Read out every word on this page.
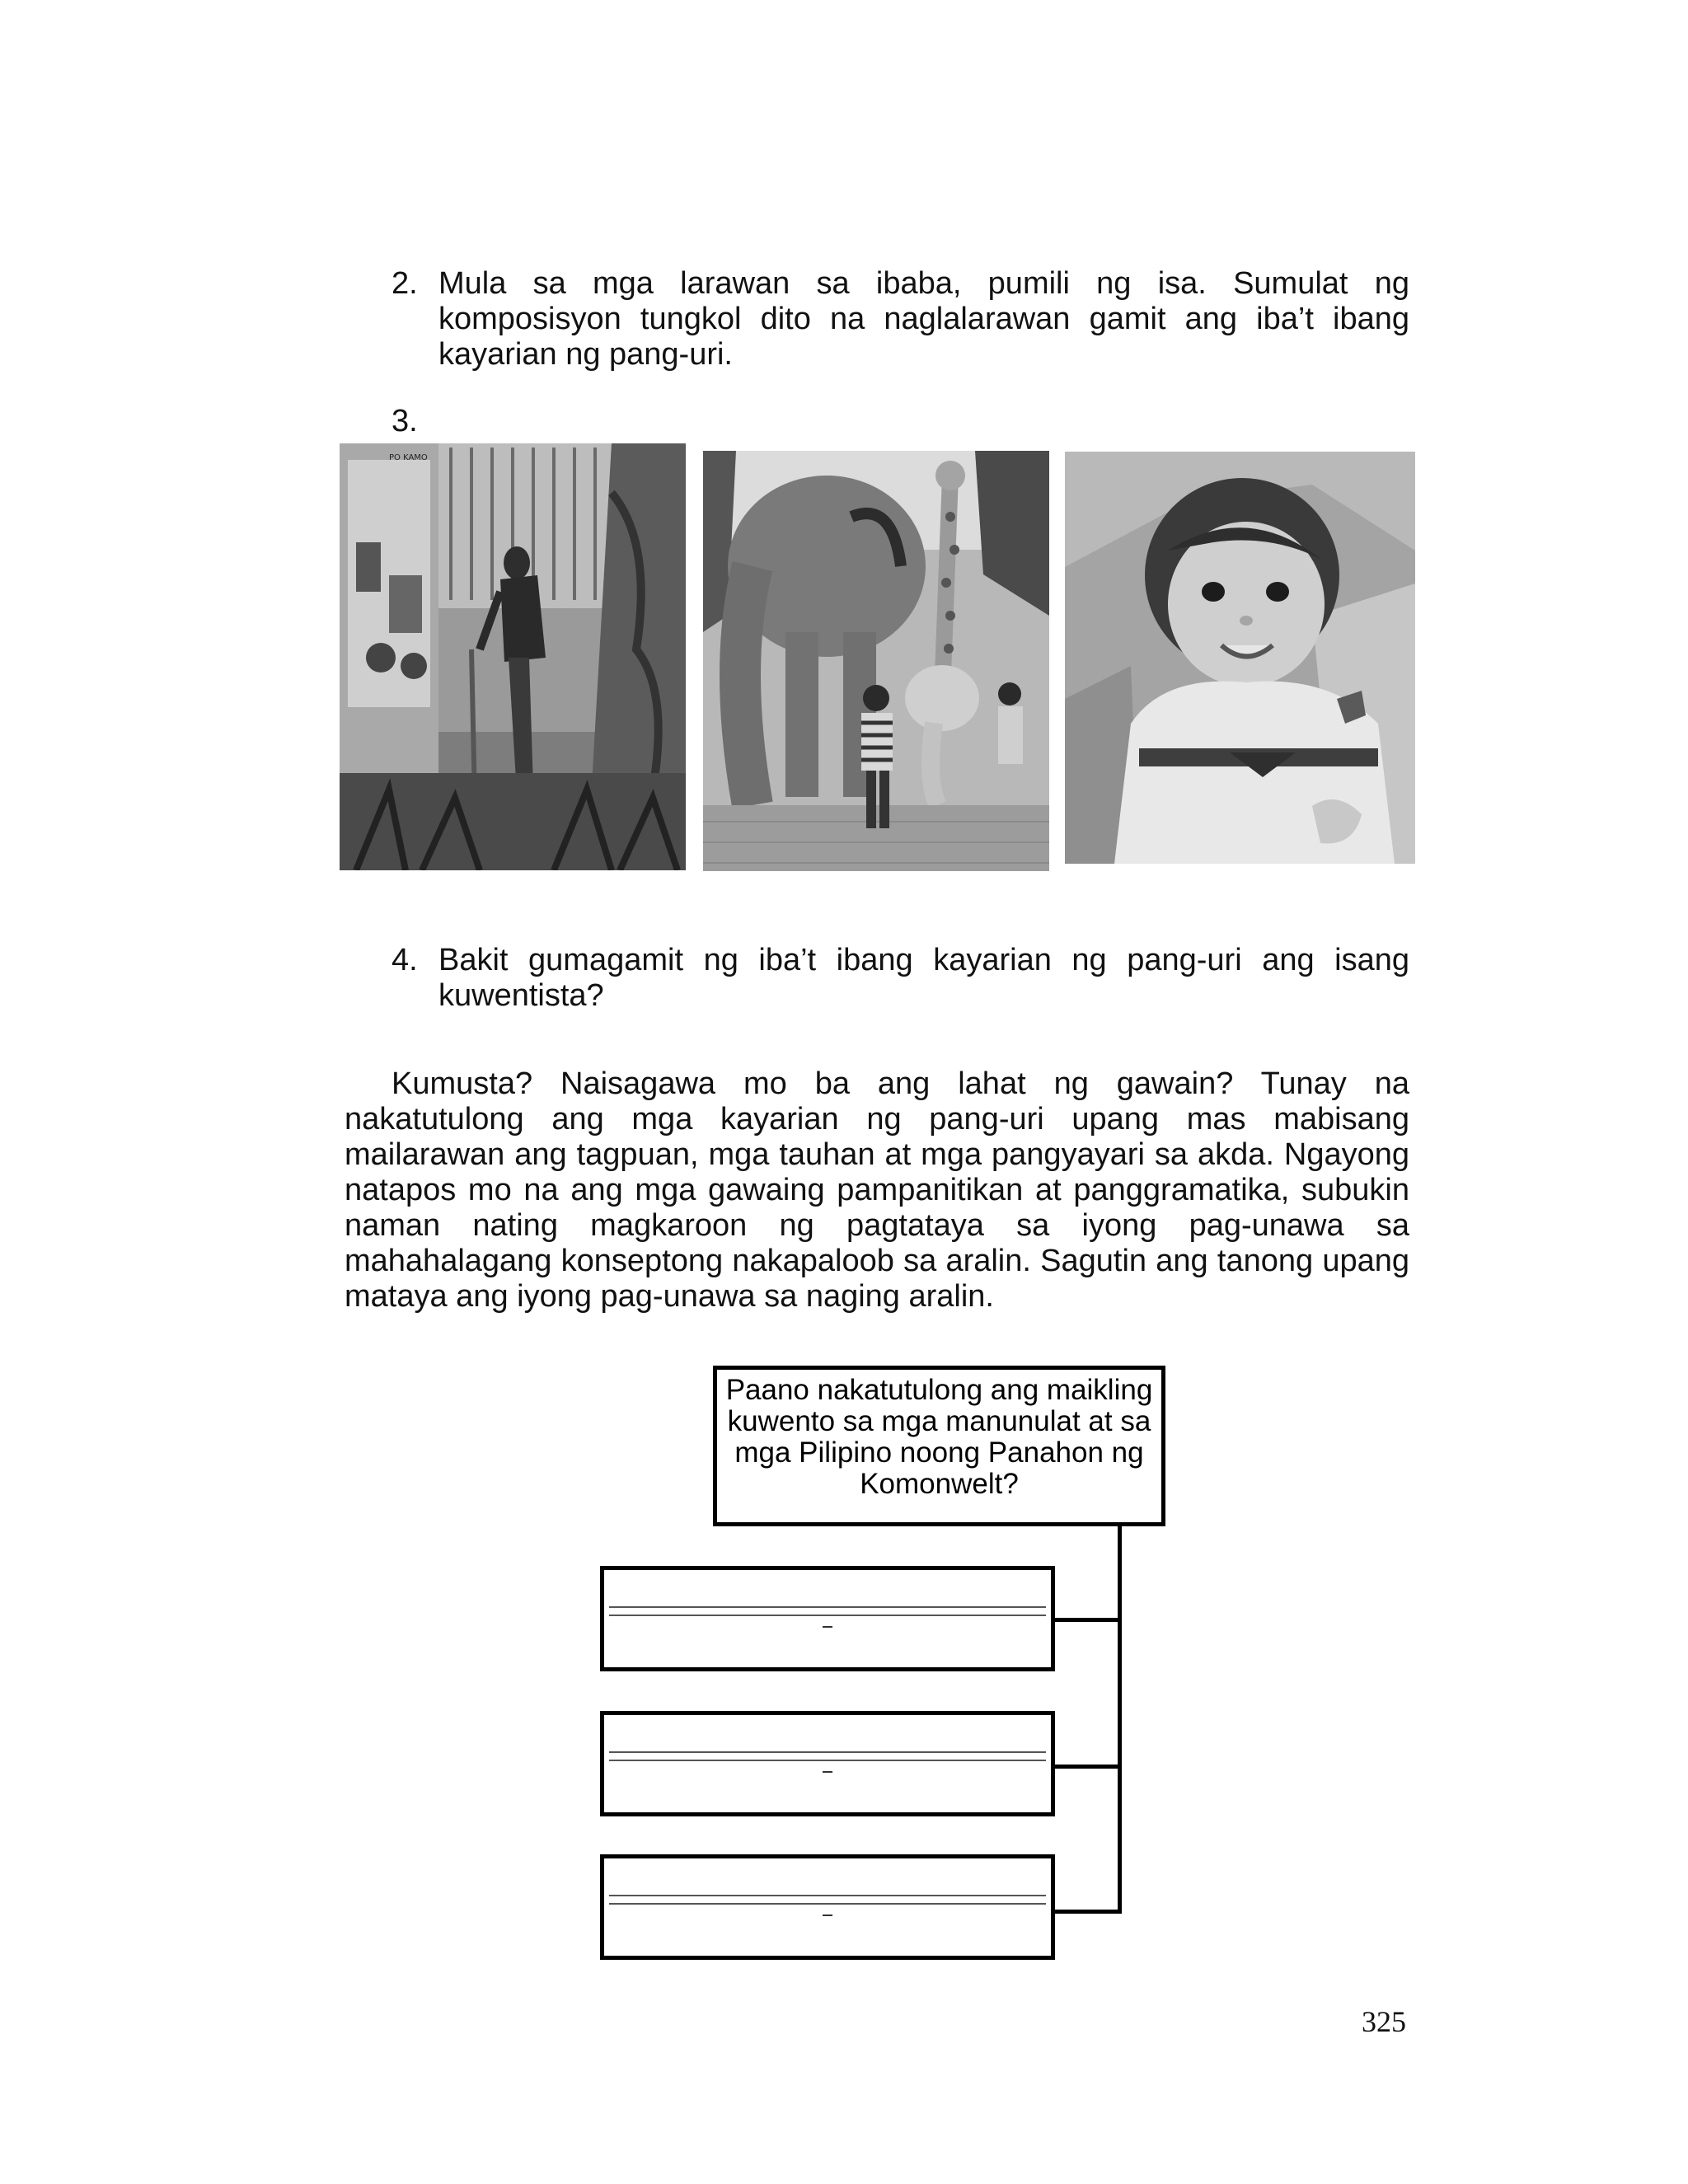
2. Mula sa mga larawan sa ibaba, pumili ng isa. Sumulat ng komposisyon tungkol dito na naglalarawan gamit ang iba’t ibang kayarian ng pang-uri.
3.
PO KAMO
4. Bakit gumagamit ng iba’t ibang kayarian ng pang-uri ang isang kuwentista?
Kumusta? Naisagawa mo ba ang lahat ng gawain? Tunay na nakatutulong ang mga kayarian ng pang-uri upang mas mabisang mailarawan ang tagpuan, mga tauhan at mga pangyayari sa akda. Ngayong natapos mo na ang mga gawaing pampanitikan at panggramatika, subukin naman nating magkaroon ng pagtataya sa iyong pag-unawa sa mahahalagang konseptong nakapaloob sa aralin. Sagutin ang tanong upang mataya ang iyong pag-unawa sa naging aralin.
Paano nakatutulong ang maikling kuwento sa mga manunulat at sa mga Pilipino noong Panahon ng Komonwelt?
325
